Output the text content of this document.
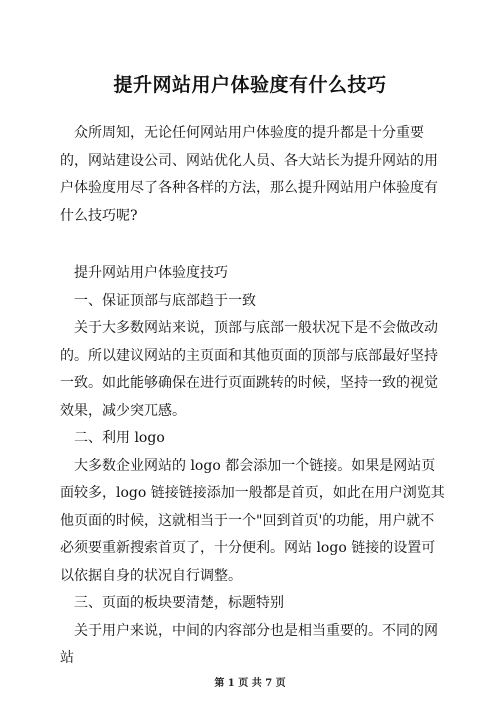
提升网站用户体验度有什么技巧

众所周知，无论任何网站用户体验度的提升都是十分重要的，网站建设公司、网站优化人员、各大站长为提升网站的用户体验度用尽了各种各样的方法，那么提升网站用户体验度有什么技巧呢?

提升网站用户体验度技巧

一、保证顶部与底部趋于一致

关于大多数网站来说，顶部与底部一般状况下是不会做改动的。所以建议网站的主页面和其他页面的顶部与底部最好坚持一致。如此能够确保在进行页面跳转的时候，坚持一致的视觉效果，减少突兀感。

二、利用 logo

大多数企业网站的 logo 都会添加一个链接。如果是网站页面较多，logo 链接链接添加一般都是首页，如此在用户浏览其他页面的时候，这就相当于一个"回到首页'的功能，用户就不必须要重新搜索首页了，十分便利。网站 logo 链接的设置可以依据自身的状况自行调整。

三、页面的板块要清楚，标题特别

关于用户来说，中间的内容部分也是相当重要的。不同的网站

第 1 页 共 7 页
